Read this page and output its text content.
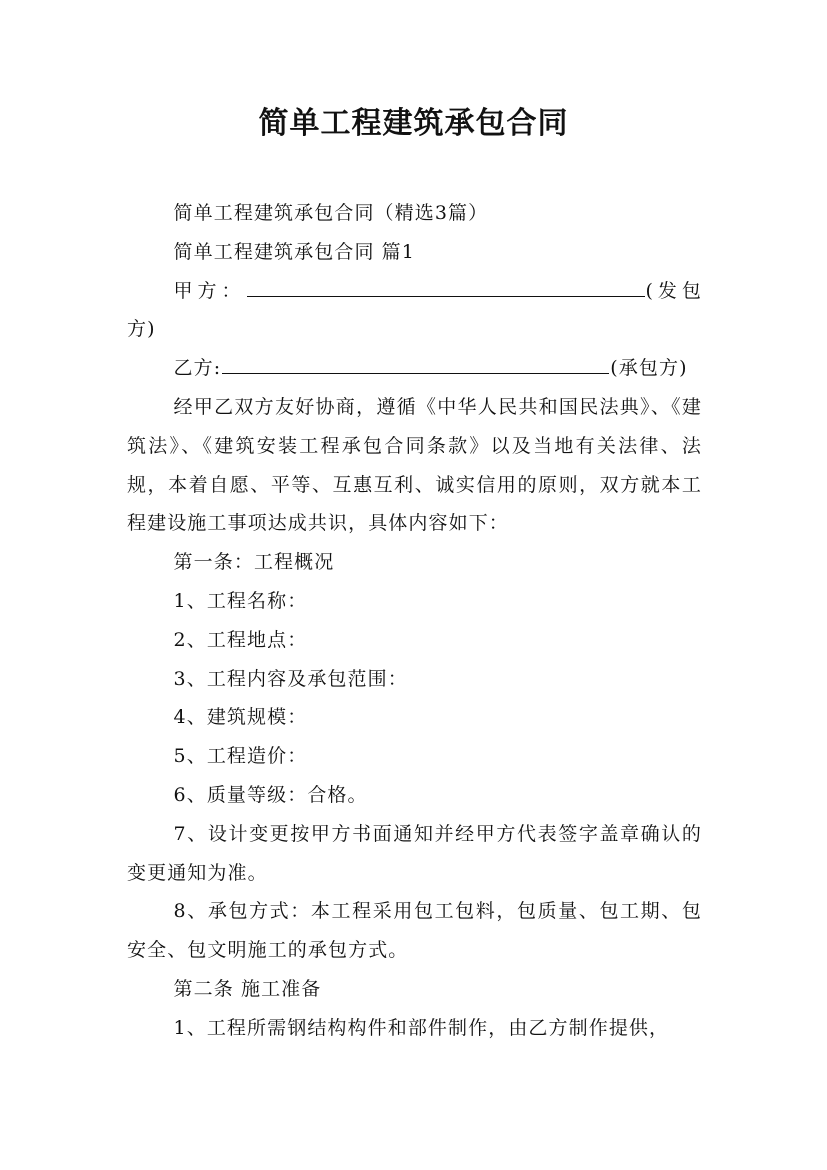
简单工程建筑承包合同

简单工程建筑承包合同（精选3篇）

简单工程建筑承包合同 篇1

甲方：	(发包方)

乙方:	(承包方)

经甲乙双方友好协商，遵循《中华人民共和国民法典》、《建筑法》、《建筑安装工程承包合同条款》以及当地有关法律、法规，本着自愿、平等、互惠互利、诚实信用的原则，双方就本工程建设施工事项达成共识，具体内容如下：

第一条：工程概况

1、工程名称：

2、工程地点：

3、工程内容及承包范围：

4、建筑规模：

5、工程造价：

6、质量等级：合格。

7、设计变更按甲方书面通知并经甲方代表签字盖章确认的变更通知为准。

8、承包方式：本工程采用包工包料，包质量、包工期、包安全、包文明施工的承包方式。

第二条 施工准备

1、工程所需钢结构构件和部件制作，由乙方制作提供，
